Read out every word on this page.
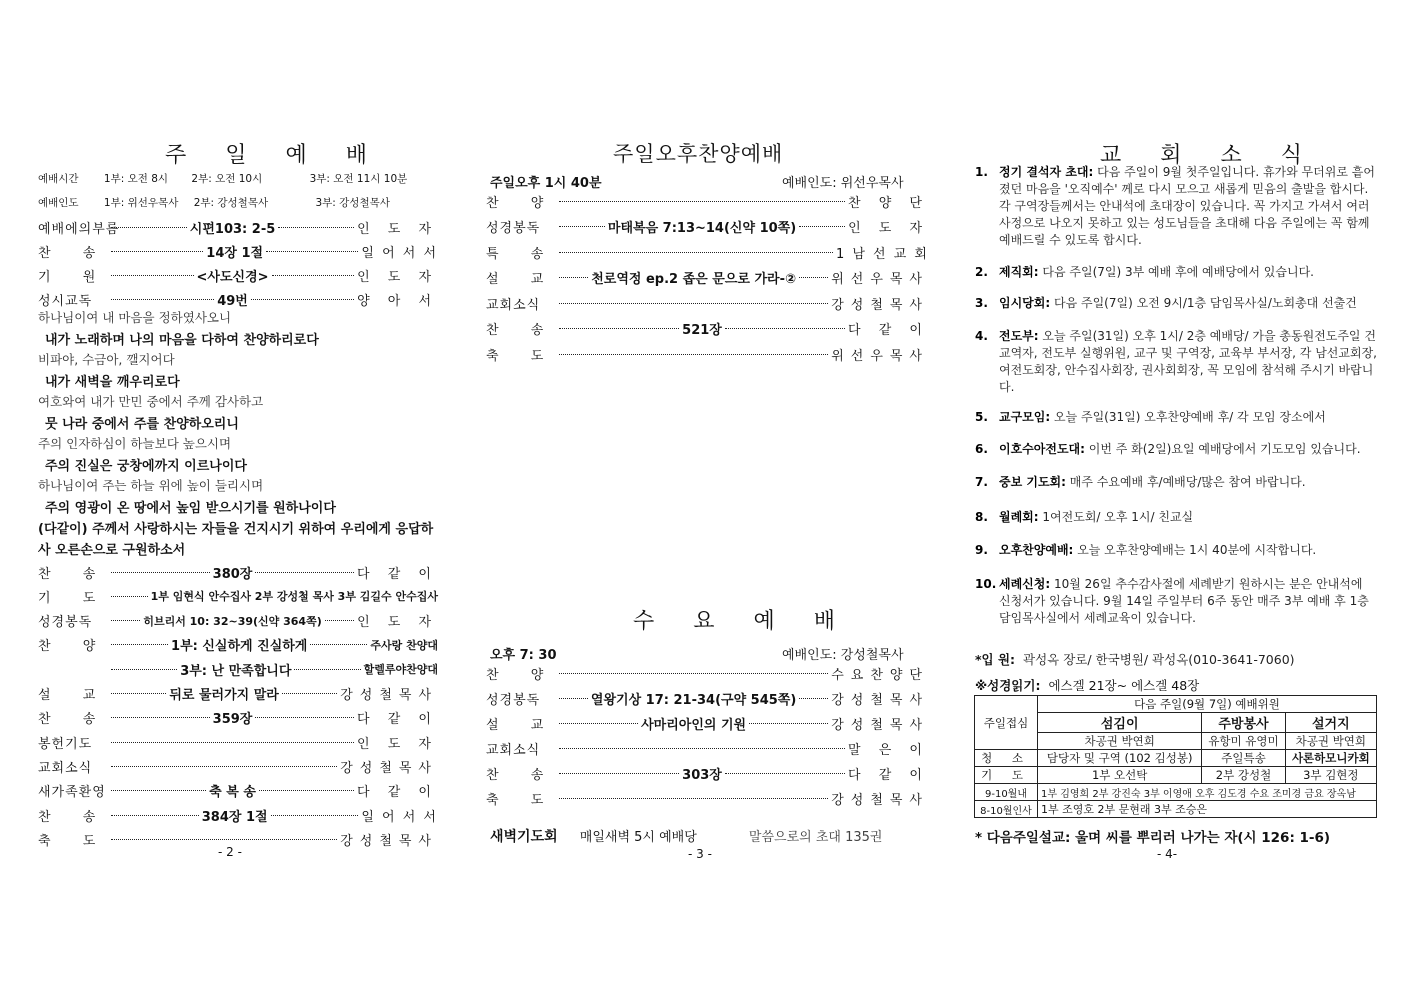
주 일 예 배
예배시간 1부: 오전 8시 2부: 오전 10시	3부: 오전 11시 10분
예배인도 1부: 위선우목사 2부: 강성철목사	3부: 강성철목사
예배에의부름	시편103: 2-5	인 도 자
찬 송	14장 1절	일 어 서 서
기 원	<사도신경>	인 도 자
성시교독	49번	양 아 서
하나님이여 내 마음을 정하였사오니
내가 노래하며 나의 마음을 다하여 찬양하리로다
비파야, 수금아, 깰지어다
내가 새벽을 깨우리로다
여호와여 내가 만민 중에서 주께 감사하고
뭇 나라 중에서 주를 찬양하오리니
주의 인자하심이 하늘보다 높으시며
주의 진실은 궁창에까지 이르나이다
하나님이여 주는 하늘 위에 높이 들리시며
주의 영광이 온 땅에서 높임 받으시기를 원하나이다
(다같이) 주께서 사랑하시는 자들을 건지시기 위하여 우리에게 응답하
사 오른손으로 구원하소서
찬 송	380장	다 같 이
기 도	1부 임현식 안수집사 2부 강성철 목사 3부 김길수 안수집사
성경봉독	히브리서 10: 32~39(신약 364쪽)	인 도 자
찬 양	1부: 신실하게 진실하게	주사랑 찬양대
3부: 난 만족합니다	할렐루야찬양대
설 교	뒤로 물러가지 말라	강성철목사
찬 송	359장	다 같 이
봉헌기도	인 도 자
교회소식	강성철목사
새가족환영	축 복 송	다 같 이
찬 송	384장 1절	일 어 서 서
축 도	강성철목사
- 2 -
주일오후찬양예배
주일오후 1시 40분	예배인도: 위선우목사
찬 양	찬 양 단
성경봉독	마태복음 7:13~14(신약 10쪽)	인 도 자
특 송	1 남 선 교 회
설 교	천로역정 ep.2 좁은 문으로 가라-②	위선우목사
교회소식	강성철목사
찬 송	521장	다 같 이
축 도	위선우목사
수 요 예 배
오후 7: 30	예배인도: 강성철목사
찬 양	수요찬양단
성경봉독	열왕기상 17: 21-34(구약 545쪽)	강성철목사
설 교	사마리아인의 기원	강성철목사
교회소식	말 은 이
찬 송	303장	다 같 이
축 도	강성철목사
새벽기도회 매일새벽 5시 예배당	말씀으로의 초대 135권
- 3 -
교 회 소 식
1. 정기 결석자 초대: 다음 주일이 9월 첫주일입니다. 휴가와 무더위로 흩어졌던 마음을 '오직예수' 께로 다시 모으고 새롭게 믿음의 출발을 합시다. 각 구역장들께서는 안내석에 초대장이 있습니다. 꼭 가지고 가셔서 여러 사정으로 나오지 못하고 있는 성도님들을 초대해 다음 주일에는 꼭 함께 예배드릴 수 있도록 합시다.
2. 제직회: 다음 주일(7일) 3부 예배 후에 예배당에서 있습니다.
3. 임시당회: 다음 주일(7일) 오전 9시/1층 담임목사실/노회총대 선출건
4. 전도부: 오늘 주일(31일) 오후 1시/ 2층 예배당/ 가을 총동원전도주일 건 교역자, 전도부 실행위원, 교구 및 구역장, 교육부 부서장, 각 남선교회장, 여전도회장, 안수집사회장, 권사회회장, 꼭 모임에 참석해 주시기 바랍니다.
5. 교구모임: 오늘 주일(31일) 오후찬양예배 후/ 각 모임 장소에서
6. 이호수아전도대: 이번 주 화(2일)요일 예배당에서 기도모임 있습니다.
7. 중보 기도회: 매주 수요예배 후/예배당/많은 참여 바랍니다.
8. 월례회: 1여전도회/ 오후 1시/ 친교실
9. 오후찬양예배: 오늘 오후찬양예배는 1시 40분에 시작합니다.
10. 세례신청: 10월 26일 추수감사절에 세례받기 원하시는 분은 안내석에 신청서가 있습니다. 9월 14일 주일부터 6주 동안 매주 3부 예배 후 1층 담임목사실에서 세례교육이 있습니다.
*입 원: 곽성옥 장로/ 한국병원/ 곽성옥(010-3641-7060)
※성경읽기: 에스겔 21장~ 에스겔 48장
주일접심	다음 주일(9월 7일) 예배위원		
	섬김이	주방봉사	설거지
	차공권 박연희	유항미 유영미	차공권 박연희
청 소	담당자 및 구역 (102 김성봉)	주일특송	사론하모니카회
기 도	1부 오선탁	2부 강성철	3부 김현정
9-10월내	1부 김영희 2부 강진숙 3부 이영애 오후 김도경 수요 조미경 금요 장옥남		
8-10월인사	1부 조영호 2부 문현래 3부 조승은		
* 다음주일설교: 울며 씨를 뿌리러 나가는 자(시 126: 1-6)
- 4-
